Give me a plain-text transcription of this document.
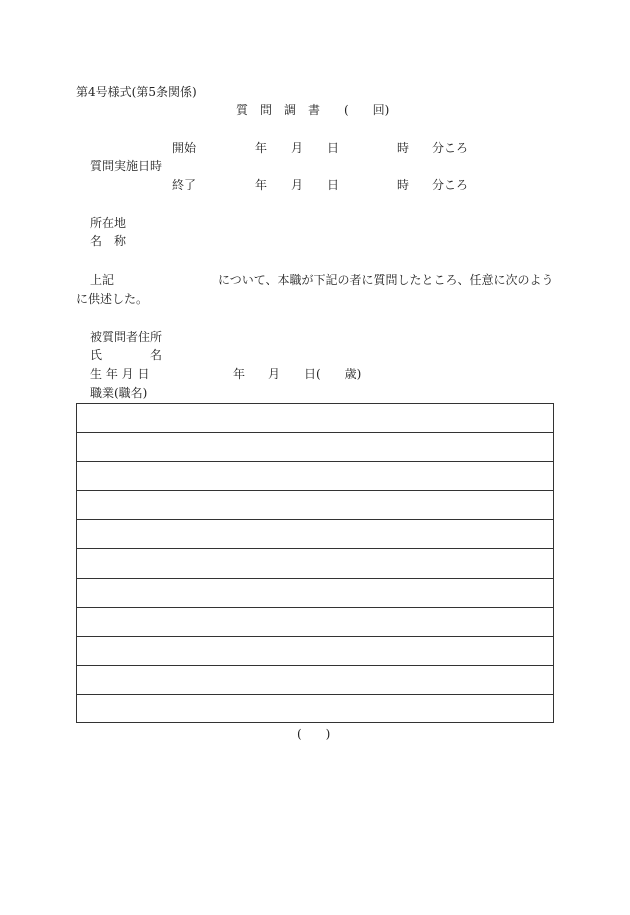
第4号様式(第5条関係)
質　問　調　書　　(　　回)
開始	年 月 日	時 分ころ
質問実施日時
終了	年 月 日	時 分ころ
所在地
名　称
上記	について、本職が下記の者に質問したところ、任意に次のよう
に供述した。
被質問者住所
氏　　　　名
生 年 月 日	年 月 日(　　歳)
職業(職名)
(　　)
